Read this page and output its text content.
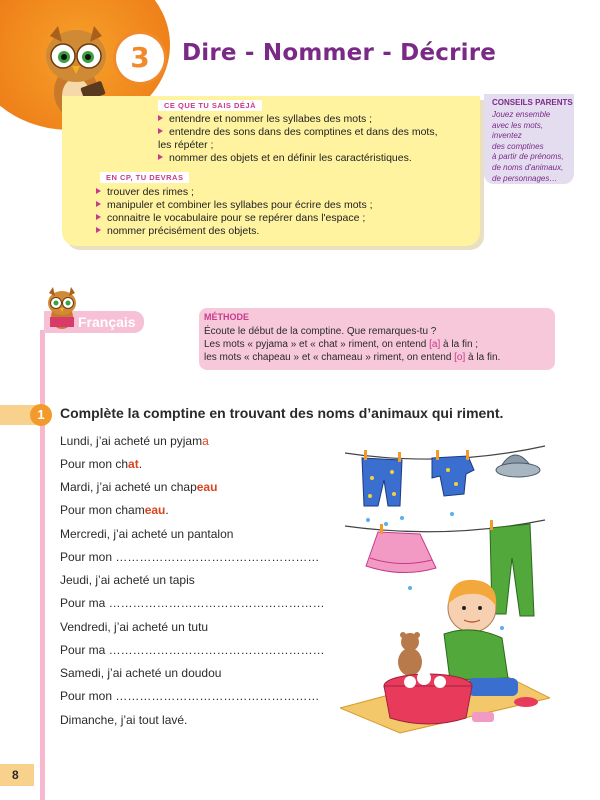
3	Dire - Nommer - Décrire
CE QUE TU SAIS DÉJÀ
entendre et nommer les syllabes des mots ;
entendre des sons dans des comptines et dans des mots,
les répéter ;
nommer des objets et en définir les caractéristiques.
EN CP, TU DEVRAS
trouver des rimes ;
manipuler et combiner les syllabes pour écrire des mots ;
connaitre le vocabulaire pour se repérer dans l'espace ;
nommer précisément des objets.
CONSEILS PARENTS
Jouez ensemble
avec les mots,
inventez
des comptines
à partir de prénoms,
de noms d'animaux,
de personnages…
Français	MÉTHODE
Écoute le début de la comptine. Que remarques-tu ?
Les mots « pyjama » et « chat » riment, on entend [a] à la fin ;
les mots « chapeau » et « chameau » riment, on entend [o] à la fin.
1	Complète la comptine en trouvant des noms d’animaux qui riment.
Lundi, j’ai acheté un pyjama
Pour mon chat.
Mardi, j’ai acheté un chapeau
Pour mon chameau.
Mercredi, j’ai acheté un pantalon
Pour mon ……………………………………………
Jeudi, j’ai acheté un tapis
Pour ma ………………………………………………
Vendredi, j’ai acheté un tutu
Pour ma ………………………………………………
Samedi, j’ai acheté un doudou
Pour mon ……………………………………………
Dimanche, j’ai tout lavé.
8
